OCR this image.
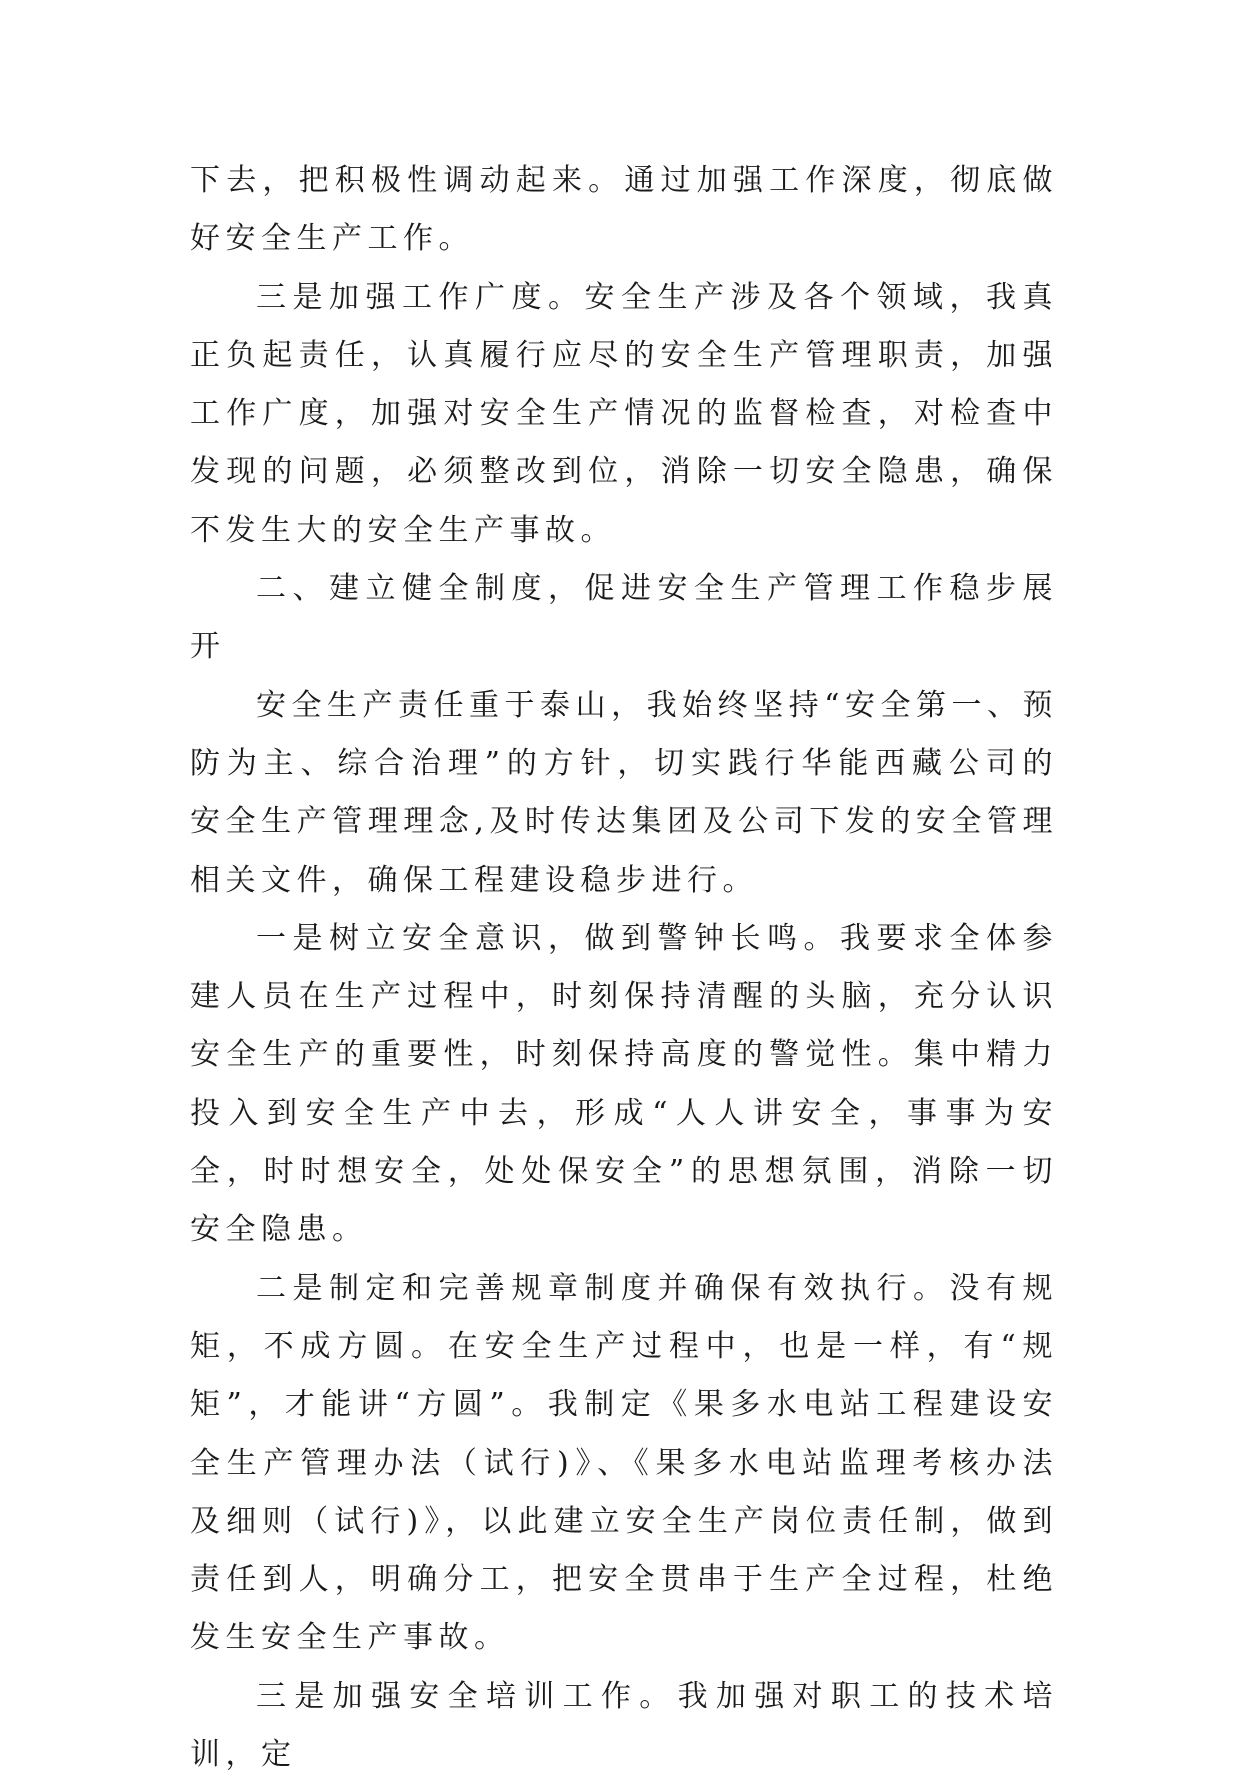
下去，把积极性调动起来。通过加强工作深度，彻底做好安全生产工作。

三是加强工作广度。安全生产涉及各个领域，我真正负起责任，认真履行应尽的安全生产管理职责，加强工作广度，加强对安全生产情况的监督检查，对检查中发现的问题，必须整改到位，消除一切安全隐患，确保不发生大的安全生产事故。

二、建立健全制度，促进安全生产管理工作稳步展开

安全生产责任重于泰山，我始终坚持“安全第一、预防为主、综合治理”的方针，切实践行华能西藏公司的安全生产管理理念,及时传达集团及公司下发的安全管理相关文件，确保工程建设稳步进行。

一是树立安全意识，做到警钟长鸣。我要求全体参建人员在生产过程中，时刻保持清醒的头脑，充分认识安全生产的重要性，时刻保持高度的警觉性。集中精力投入到安全生产中去，形成“人人讲安全，事事为安全，时时想安全，处处保安全”的思想氛围，消除一切安全隐患。

二是制定和完善规章制度并确保有效执行。没有规矩，不成方圆。在安全生产过程中，也是一样，有“规矩”，才能讲“方圆”。我制定《果多水电站工程建设安全生产管理办法（试行)》、《果多水电站监理考核办法及细则（试行)》，以此建立安全生产岗位责任制，做到责任到人，明确分工，把安全贯串于生产全过程，杜绝发生安全生产事故。

三是加强安全培训工作。我加强对职工的技术培训，定
